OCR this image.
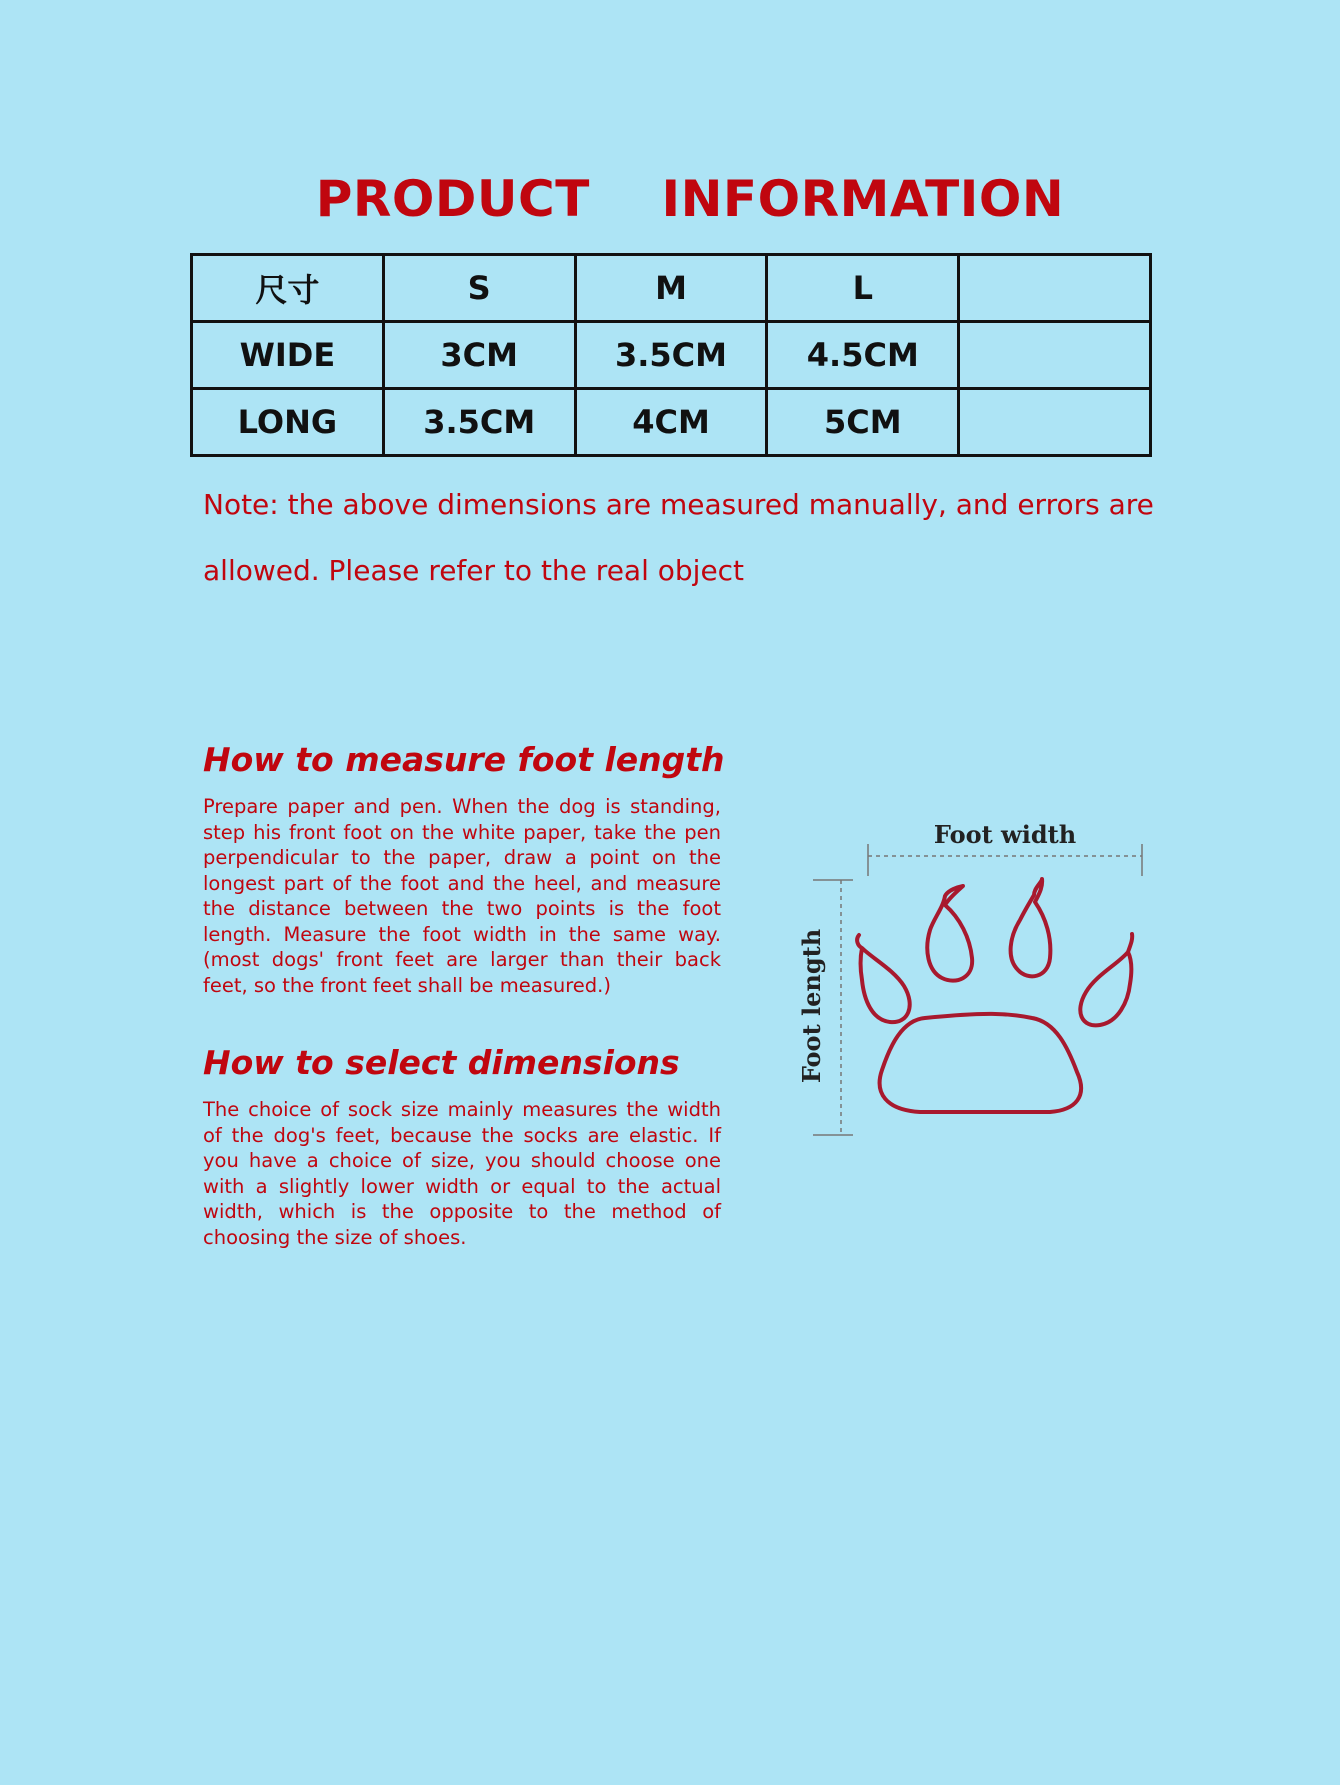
PRODUCT INFORMATION
尺寸	S	M	L	
WIDE	3CM	3.5CM	4.5CM	
LONG	3.5CM	4CM	5CM	
Note: the above dimensions are measured manually, and errors are
allowed. Please refer to the real object
How to measure foot length
Prepare paper and pen. When the dog is standing, step his front foot on the white paper, take the pen perpendicular to the paper, draw a point on the longest part of the foot and the heel, and measure the distance between the two points is the foot length. Measure the foot width in the same way. (most dogs' front feet are larger than their back feet, so the front feet shall be measured.)
How to select dimensions
The choice of sock size mainly measures the width of the dog's feet, because the socks are elastic. If you have a choice of size, you should choose one with a slightly lower width or equal to the actual width, which is the opposite to the method of choosing the size of shoes.
Foot width
Foot length
